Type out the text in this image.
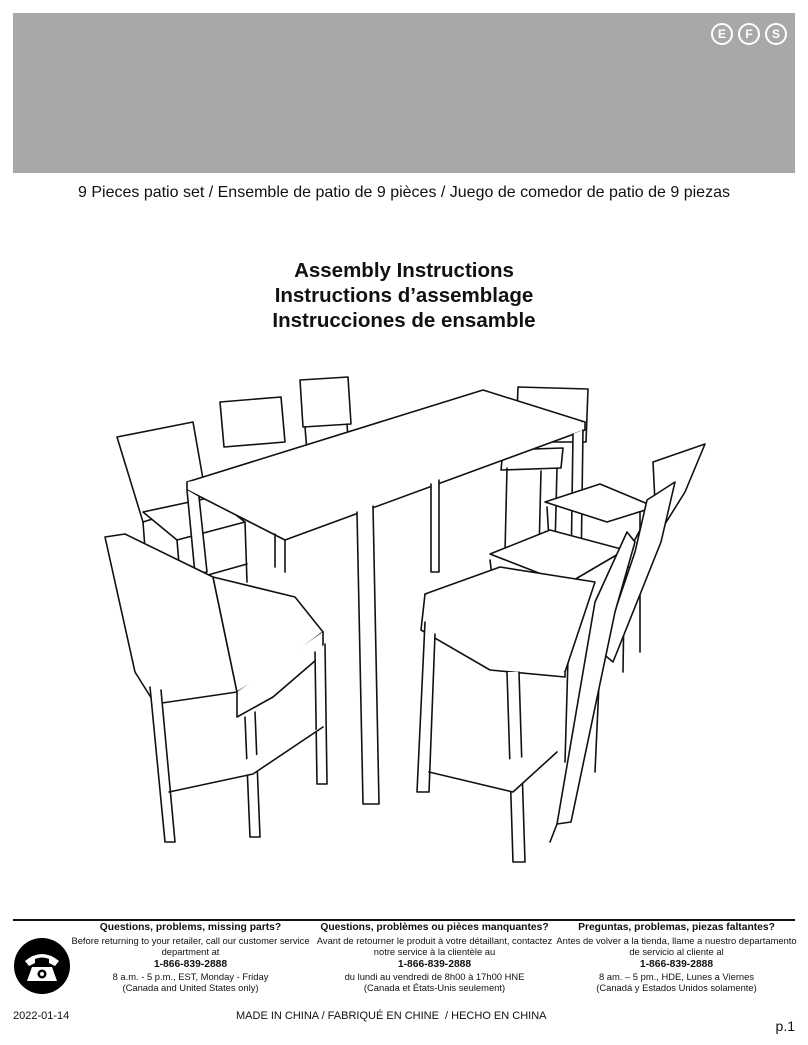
E	F	S
9 Pieces patio set / Ensemble de patio de 9 pièces / Juego de comedor de patio de 9 piezas

Assembly Instructions

Instructions d’assemblage

Instrucciones de ensamble

Questions, problems, missing parts?
Before returning to your retailer, call our customer service department at
1-866-839-2888
8 a.m. - 5 p.m., EST, Monday - Friday
(Canada and United States only)
Questions, problèmes ou pièces manquantes?
Avant de retourner le produit à votre détaillant, contactez notre service à la clientèle au
1-866-839-2888
du lundi au vendredi de 8h00 à 17h00 HNE
(Canada et États-Unis seulement)
Preguntas, problemas, piezas faltantes?
Antes de volver a la tienda, llame a nuestro departamento de servicio al cliente al
1-866-839-2888
8 am. – 5 pm., HDE, Lunes a Viernes
(Canadá y Estados Unidos solamente)
2022-01-14	MADE IN CHINA / FABRIQUÉ EN CHINE  / HECHO EN CHINA
p.1
